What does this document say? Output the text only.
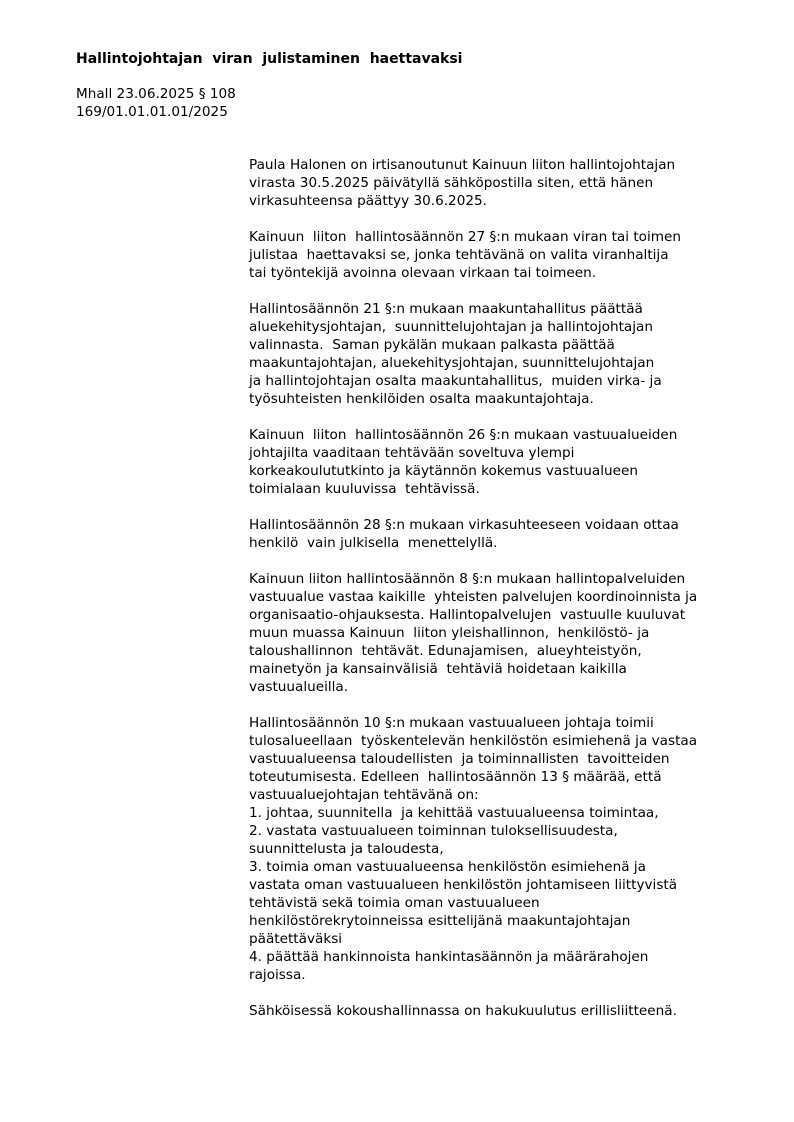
Hallintojohtajan  viran  julistaminen  haettavaksi
Mhall 23.06.2025 § 108
169/01.01.01.01/2025

Paula Halonen on irtisanoutunut Kainuun liiton hallintojohtajan
virasta 30.5.2025 päivätyllä sähköpostilla siten, että hänen
virkasuhteensa päättyy 30.6.2025.

Kainuun  liiton  hallintosäännön 27 §:n mukaan viran tai toimen
julistaa  haettavaksi se, jonka tehtävänä on valita viranhaltija
tai työntekijä avoinna olevaan virkaan tai toimeen.

Hallintosäännön 21 §:n mukaan maakuntahallitus päättää
aluekehitysjohtajan,  suunnittelujohtajan ja hallintojohtajan
valinnasta.  Saman pykälän mukaan palkasta päättää
maakuntajohtajan, aluekehitysjohtajan, suunnittelujohtajan
ja hallintojohtajan osalta maakuntahallitus,  muiden virka- ja
työsuhteisten henkilöiden osalta maakuntajohtaja.

Kainuun  liiton  hallintosäännön 26 §:n mukaan vastuualueiden
johtajilta vaaditaan tehtävään soveltuva ylempi
korkeakoulututkinto ja käytännön kokemus vastuualueen
toimialaan kuuluvissa  tehtävissä.

Hallintosäännön 28 §:n mukaan virkasuhteeseen voidaan ottaa
henkilö  vain julkisella  menettelyllä.

Kainuun liiton hallintosäännön 8 §:n mukaan hallintopalveluiden
vastuualue vastaa kaikille  yhteisten palvelujen koordinoinnista ja
organisaatio-ohjauksesta. Hallintopalvelujen  vastuulle kuuluvat
muun muassa Kainuun  liiton yleishallinnon,  henkilöstö- ja
taloushallinnon  tehtävät. Edunajamisen,  alueyhteistyön,
mainetyön ja kansainvälisiä  tehtäviä hoidetaan kaikilla
vastuualueilla.

Hallintosäännön 10 §:n mukaan vastuualueen johtaja toimii
tulosalueellaan  työskentelevän henkilöstön esimiehenä ja vastaa
vastuualueensa taloudellisten  ja toiminnallisten  tavoitteiden
toteutumisesta. Edelleen  hallintosäännön 13 § määrää, että
vastuualuejohtajan tehtävänä on:
1. johtaa, suunnitella  ja kehittää vastuualueensa toimintaa,
2. vastata vastuualueen toiminnan tuloksellisuudesta,
suunnittelusta ja taloudesta,
3. toimia oman vastuualueensa henkilöstön esimiehenä ja
vastata oman vastuualueen henkilöstön johtamiseen liittyvistä
tehtävistä sekä toimia oman vastuualueen
henkilöstörekrytoinneissa esittelijänä maakuntajohtajan
päätettäväksi
4. päättää hankinnoista hankintasäännön ja määrärahojen
rajoissa.

Sähköisessä kokoushallinnassa on hakukuulutus erillisliitteenä.
